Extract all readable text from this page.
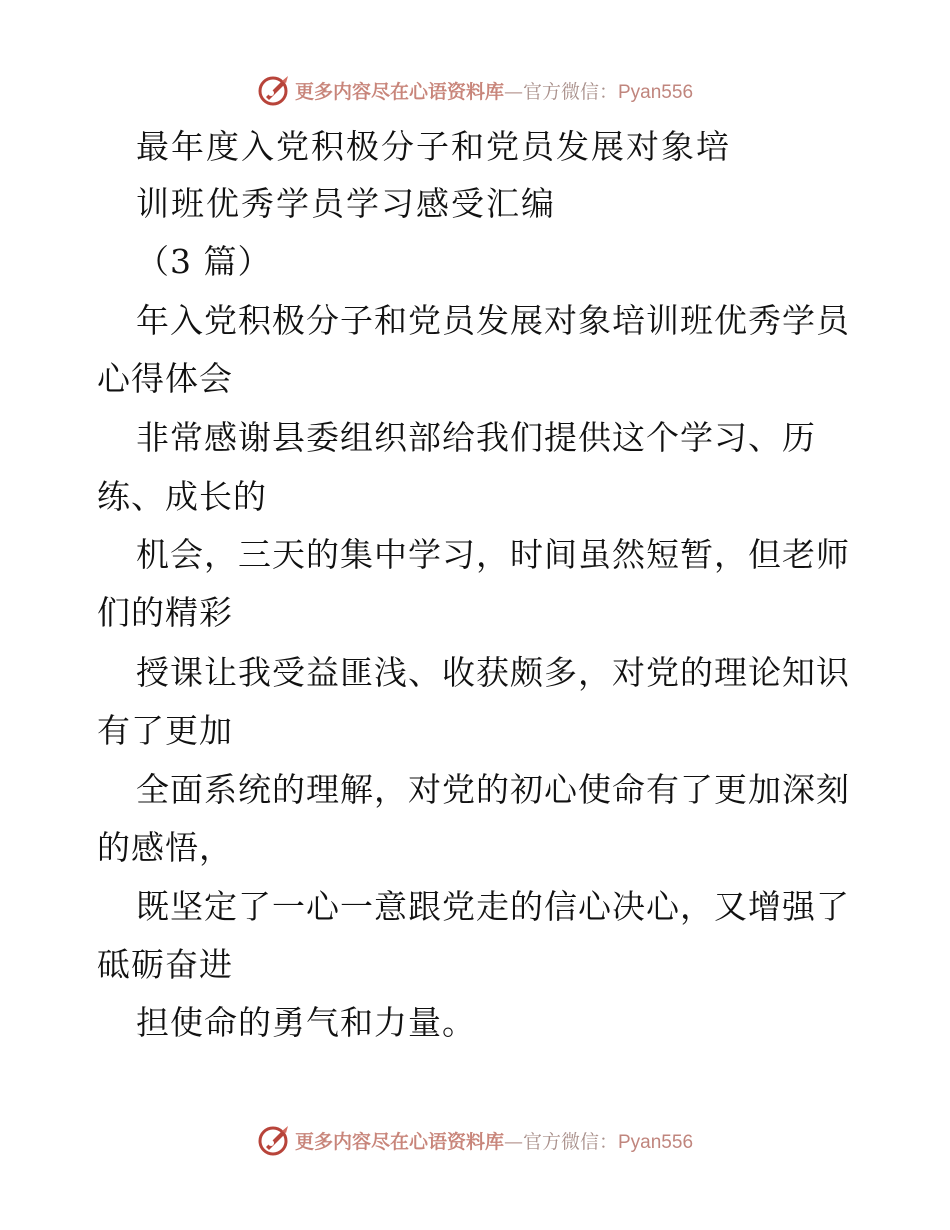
更多内容尽在心语资料库—官方微信：Pyan556
最年度入党积极分子和党员发展对象培
训班优秀学员学习感受汇编
（3 篇）
年入党积极分子和党员发展对象培训班优秀学员
心得体会
非常感谢县委组织部给我们提供这个学习、历
练、成长的
机会，三天的集中学习，时间虽然短暂，但老师
们的精彩
授课让我受益匪浅、收获颇多，对党的理论知识
有了更加
全面系统的理解，对党的初心使命有了更加深刻
的感悟，
既坚定了一心一意跟党走的信心决心，又增强了
砥砺奋进
担使命的勇气和力量。
更多内容尽在心语资料库—官方微信：Pyan556
